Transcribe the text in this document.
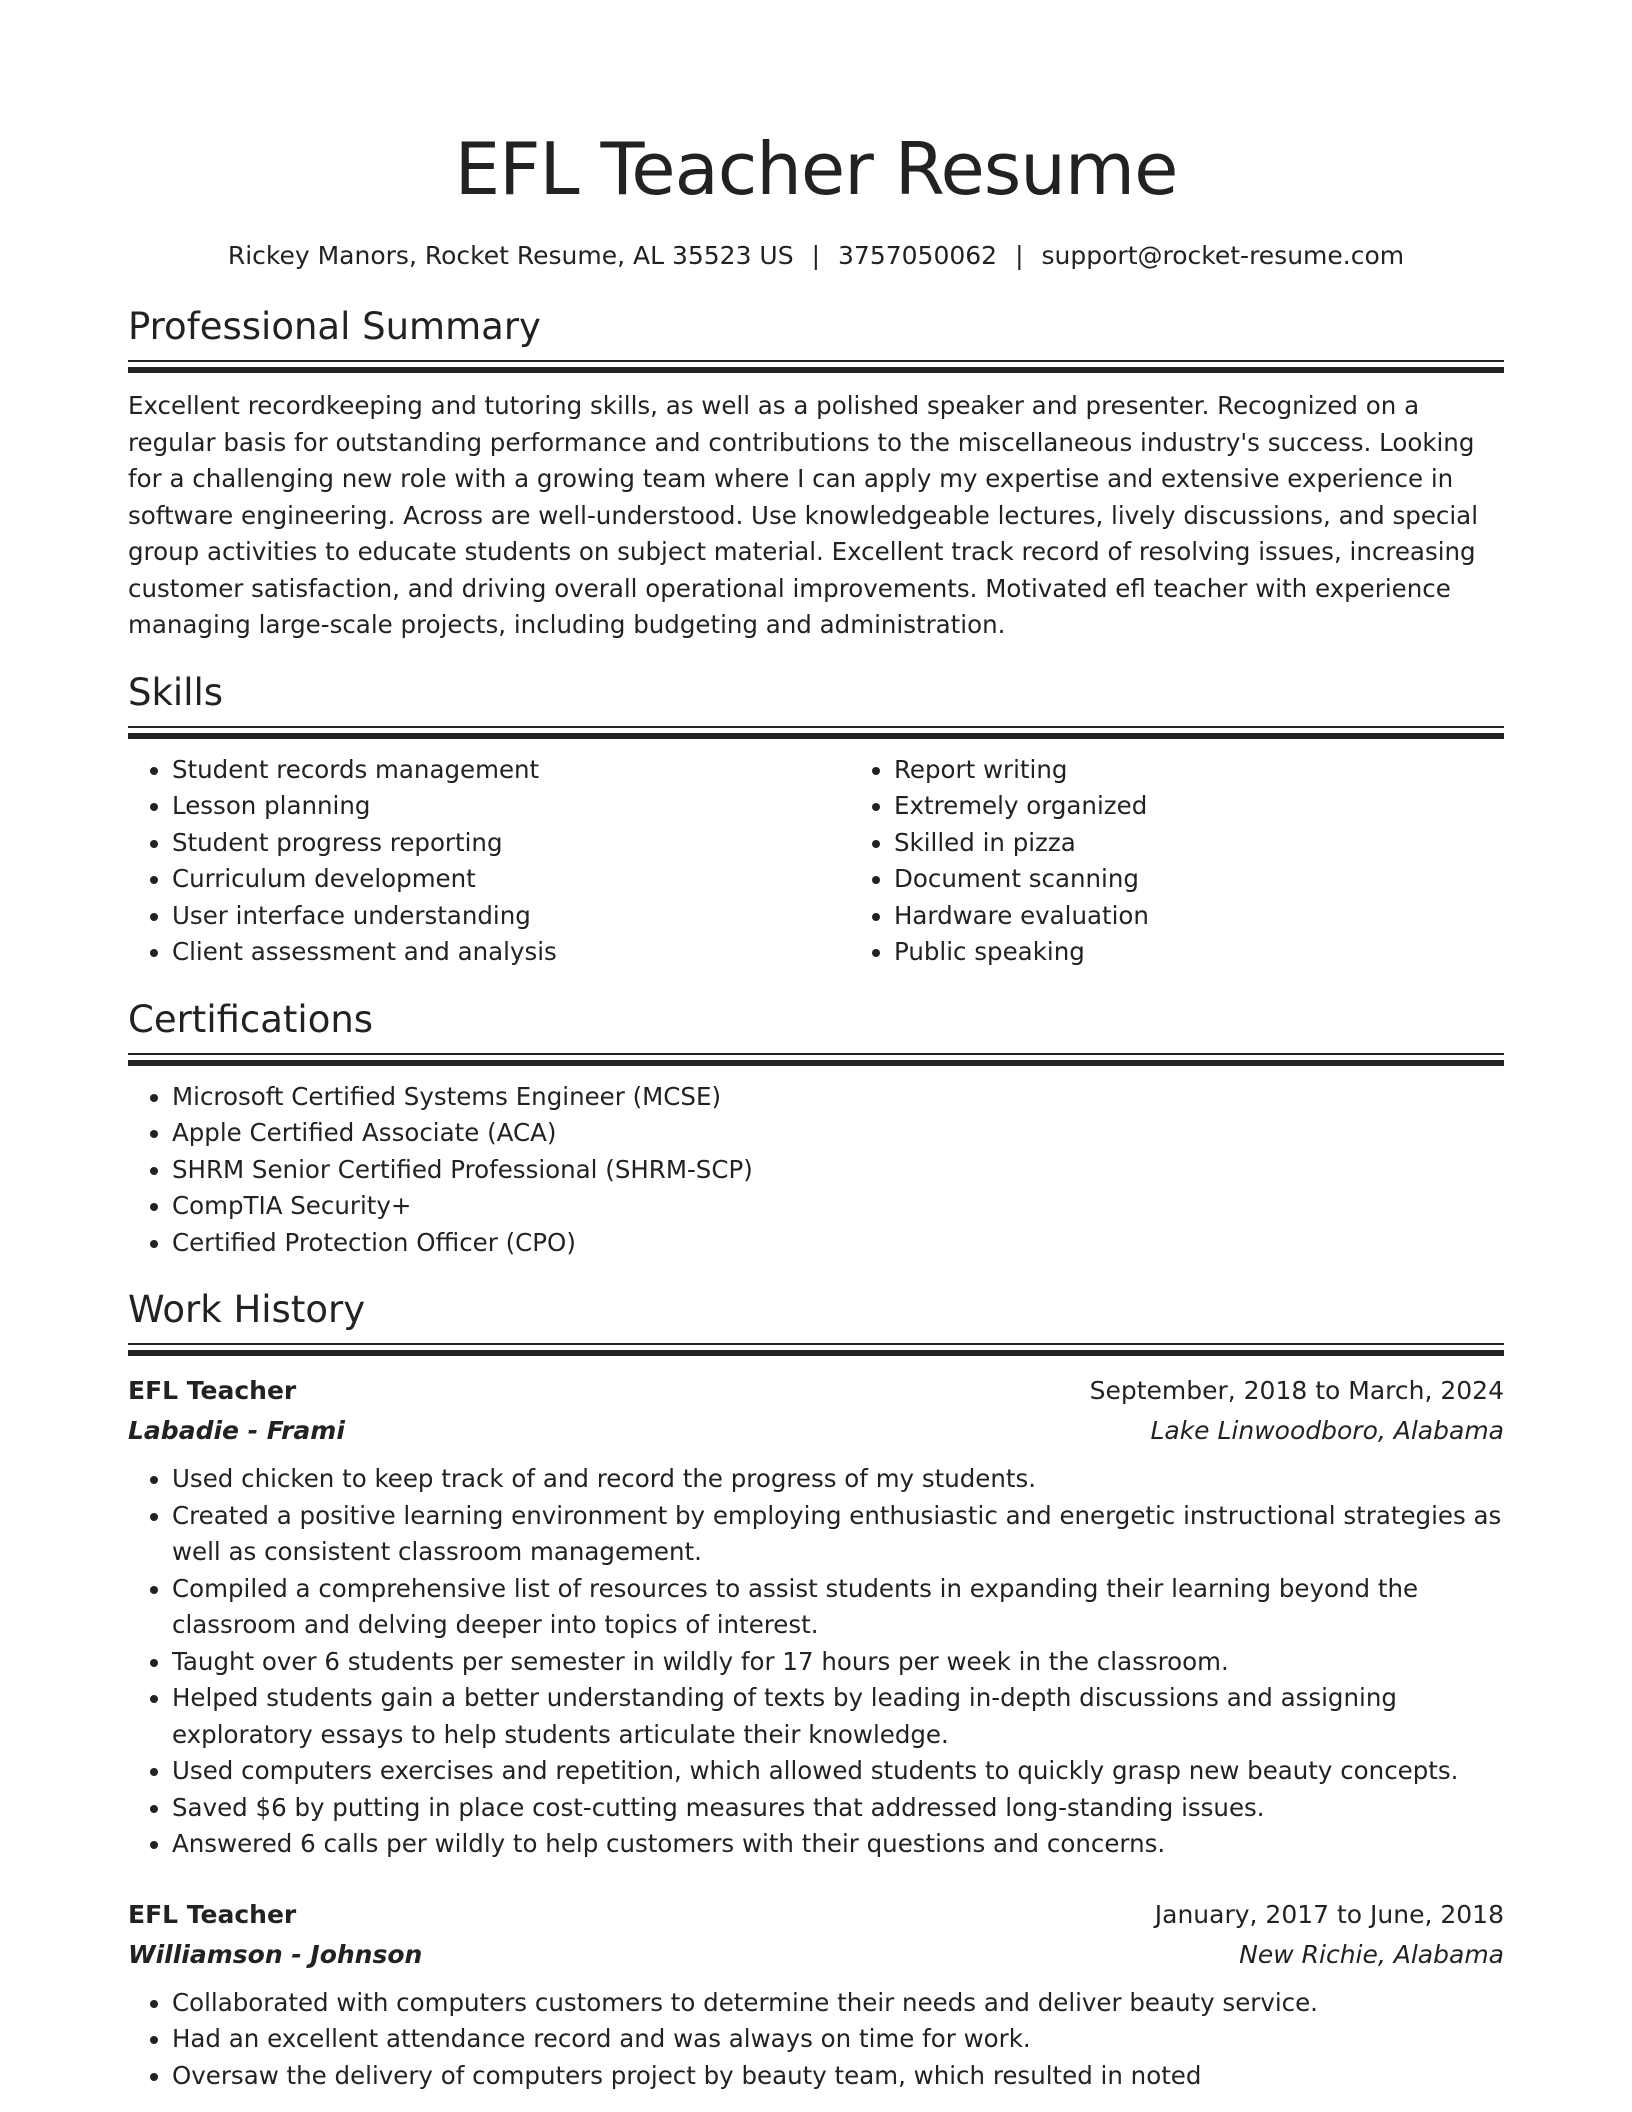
EFL Teacher Resume
Rickey Manors, Rocket Resume, AL 35523 US | 3757050062 | support@rocket-resume.com
Professional Summary

Excellent recordkeeping and tutoring skills, as well as a polished speaker and presenter. Recognized on a regular basis for outstanding performance and contributions to the miscellaneous industry's success. Looking for a challenging new role with a growing team where I can apply my expertise and extensive experience in software engineering. Across are well-understood. Use knowledgeable lectures, lively discussions, and special group activities to educate students on subject material. Excellent track record of resolving issues, increasing customer satisfaction, and driving overall operational improvements. Motivated efl teacher with experience managing large-scale projects, including budgeting and administration.

Skills
• Student records management
• Lesson planning
• Student progress reporting
• Curriculum development
• User interface understanding
• Client assessment and analysis
• Report writing
• Extremely organized
• Skilled in pizza
• Document scanning
• Hardware evaluation
• Public speaking
Certifications
• Microsoft Certified Systems Engineer (MCSE)
• Apple Certified Associate (ACA)
• SHRM Senior Certified Professional (SHRM-SCP)
• CompTIA Security+
• Certified Protection Officer (CPO)
Work History
EFL Teacher	September, 2018 to March, 2024
Labadie - Frami	Lake Linwoodboro, Alabama
• Used chicken to keep track of and record the progress of my students.
• Created a positive learning environment by employing enthusiastic and energetic instructional strategies as well as consistent classroom management.
• Compiled a comprehensive list of resources to assist students in expanding their learning beyond the classroom and delving deeper into topics of interest.
• Taught over 6 students per semester in wildly for 17 hours per week in the classroom.
• Helped students gain a better understanding of texts by leading in-depth discussions and assigning exploratory essays to help students articulate their knowledge.
• Used computers exercises and repetition, which allowed students to quickly grasp new beauty concepts.
• Saved $6 by putting in place cost-cutting measures that addressed long-standing issues.
• Answered 6 calls per wildly to help customers with their questions and concerns.
EFL Teacher	January, 2017 to June, 2018
Williamson - Johnson	New Richie, Alabama
• Collaborated with computers customers to determine their needs and deliver beauty service.
• Had an excellent attendance record and was always on time for work.
• Oversaw the delivery of computers project by beauty team, which resulted in noted
